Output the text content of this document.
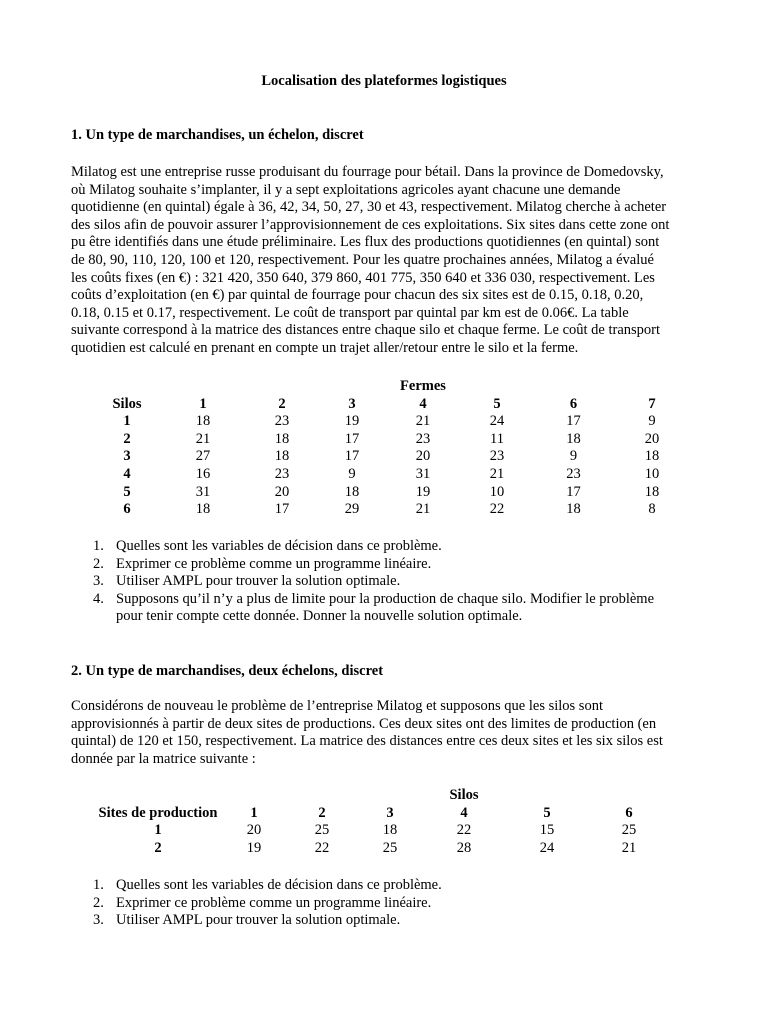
Localisation des plateformes logistiques
1. Un type de marchandises, un échelon, discret
Milatog est une entreprise russe produisant du fourrage pour bétail. Dans la province de Domedovsky,
où Milatog souhaite s’implanter, il y a sept exploitations agricoles ayant chacune une demande
quotidienne (en quintal) égale à 36, 42, 34, 50, 27, 30 et 43, respectivement. Milatog cherche à acheter
des silos afin de pouvoir assurer l’approvisionnement de ces exploitations. Six sites dans cette zone ont
pu être identifiés dans une étude préliminaire. Les flux des productions quotidiennes (en quintal) sont
de 80, 90, 110, 120, 100 et 120, respectivement. Pour les quatre prochaines années, Milatog a évalué
les coûts fixes (en €) : 321 420, 350 640, 379 860, 401 775, 350 640 et 336 030, respectivement. Les
coûts d’exploitation (en €) par quintal de fourrage pour chacun des six sites est de 0.15, 0.18, 0.20,
0.18, 0.15 et 0.17, respectivement. Le coût de transport par quintal par km est de 0.06€. La table
suivante correspond à la matrice des distances entre chaque silo et chaque ferme. Le coût de transport
quotidien est calculé en prenant en compte un trajet aller/retour entre le silo et la ferme.
				Fermes			
Silos	1	2	3	4	5	6	7
1	18	23	19	21	24	17	9
2	21	18	17	23	11	18	20
3	27	18	17	20	23	9	18
4	16	23	9	31	21	23	10
5	31	20	18	19	10	17	18
6	18	17	29	21	22	18	8
1. Quelles sont les variables de décision dans ce problème.
2. Exprimer ce problème comme un programme linéaire.
3. Utiliser AMPL pour trouver la solution optimale.
4. Supposons qu’il n’y a plus de limite pour la production de chaque silo. Modifier le problème
pour tenir compte cette donnée. Donner la nouvelle solution optimale.
2. Un type de marchandises, deux échelons, discret
Considérons de nouveau le problème de l’entreprise Milatog et supposons que les silos sont
approvisionnés à partir de deux sites de productions. Ces deux sites ont des limites de production (en
quintal) de 120 et 150, respectivement. La matrice des distances entre ces deux sites et les six silos est
donnée par la matrice suivante :
				Silos		
Sites de production	1	2	3	4	5	6
1	20	25	18	22	15	25
2	19	22	25	28	24	21
1. Quelles sont les variables de décision dans ce problème.
2. Exprimer ce problème comme un programme linéaire.
3. Utiliser AMPL pour trouver la solution optimale.
